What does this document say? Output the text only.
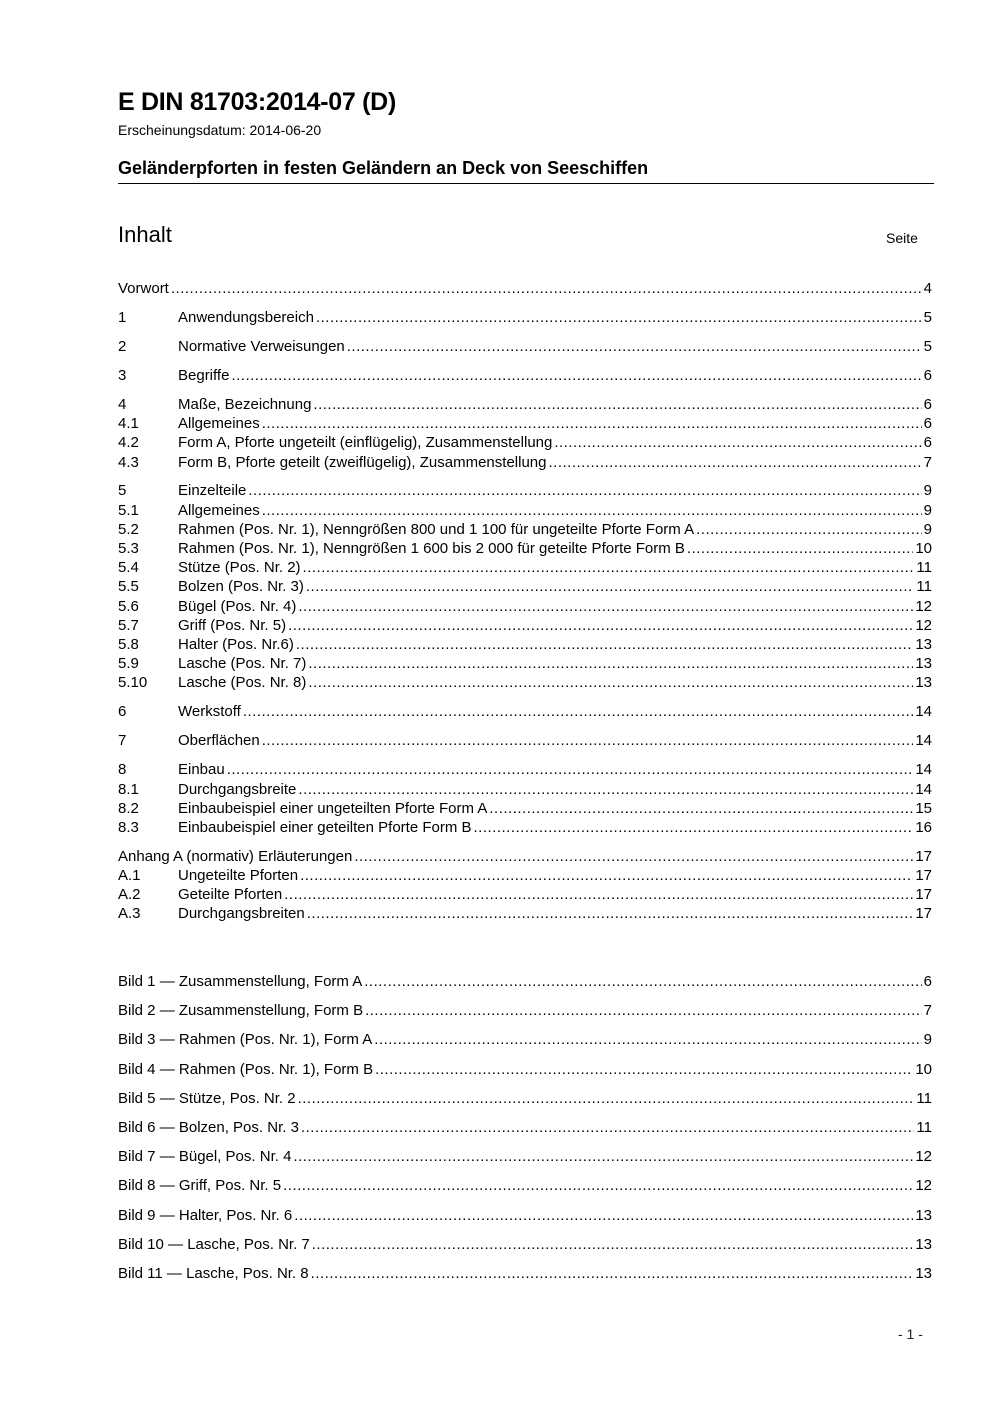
E DIN 81703:2014-07 (D)
Erscheinungsdatum: 2014-06-20
Geländerpforten in festen Geländern an Deck von Seeschiffen
Inhalt	Seite
Vorwort .....	4
1	Anwendungsbereich .....	5
2	Normative Verweisungen .....	5
3	Begriffe .....	6
4	Maße, Bezeichnung .....	6
4.1	Allgemeines .....	6
4.2	Form A, Pforte ungeteilt (einflügelig), Zusammenstellung .....	6
4.3	Form B, Pforte geteilt (zweiflügelig), Zusammenstellung .....	7
5	Einzelteile .....	9
5.1	Allgemeines .....	9
5.2	Rahmen (Pos. Nr. 1), Nenngrößen 800 und 1 100 für ungeteilte Pforte Form A .....	9
5.3	Rahmen (Pos. Nr. 1), Nenngrößen 1 600 bis 2 000 für geteilte Pforte Form B .....	10
5.4	Stütze (Pos. Nr. 2) .....	11
5.5	Bolzen (Pos. Nr. 3) .....	11
5.6	Bügel (Pos. Nr. 4) .....	12
5.7	Griff (Pos. Nr. 5) .....	12
5.8	Halter (Pos. Nr.6) .....	13
5.9	Lasche (Pos. Nr. 7) .....	13
5.10	Lasche (Pos. Nr. 8) .....	13
6	Werkstoff .....	14
7	Oberflächen .....	14
8	Einbau .....	14
8.1	Durchgangsbreite .....	14
8.2	Einbaubeispiel einer ungeteilten Pforte Form A .....	15
8.3	Einbaubeispiel einer geteilten Pforte Form B .....	16
Anhang A (normativ) Erläuterungen .....	17
A.1	Ungeteilte Pforten .....	17
A.2	Geteilte Pforten .....	17
A.3	Durchgangsbreiten .....	17
Bild 1 — Zusammenstellung, Form A .....	6
Bild 2 — Zusammenstellung, Form B .....	7
Bild 3 — Rahmen (Pos. Nr. 1), Form A .....	9
Bild 4 — Rahmen (Pos. Nr. 1), Form B .....	10
Bild 5 — Stütze, Pos. Nr. 2 .....	11
Bild 6 — Bolzen, Pos. Nr. 3 .....	11
Bild 7 — Bügel, Pos. Nr. 4 .....	12
Bild 8 — Griff, Pos. Nr. 5 .....	12
Bild 9 — Halter, Pos. Nr. 6 .....	13
Bild 10 — Lasche, Pos. Nr. 7 .....	13
Bild 11 — Lasche, Pos. Nr. 8 .....	13
- 1 -
